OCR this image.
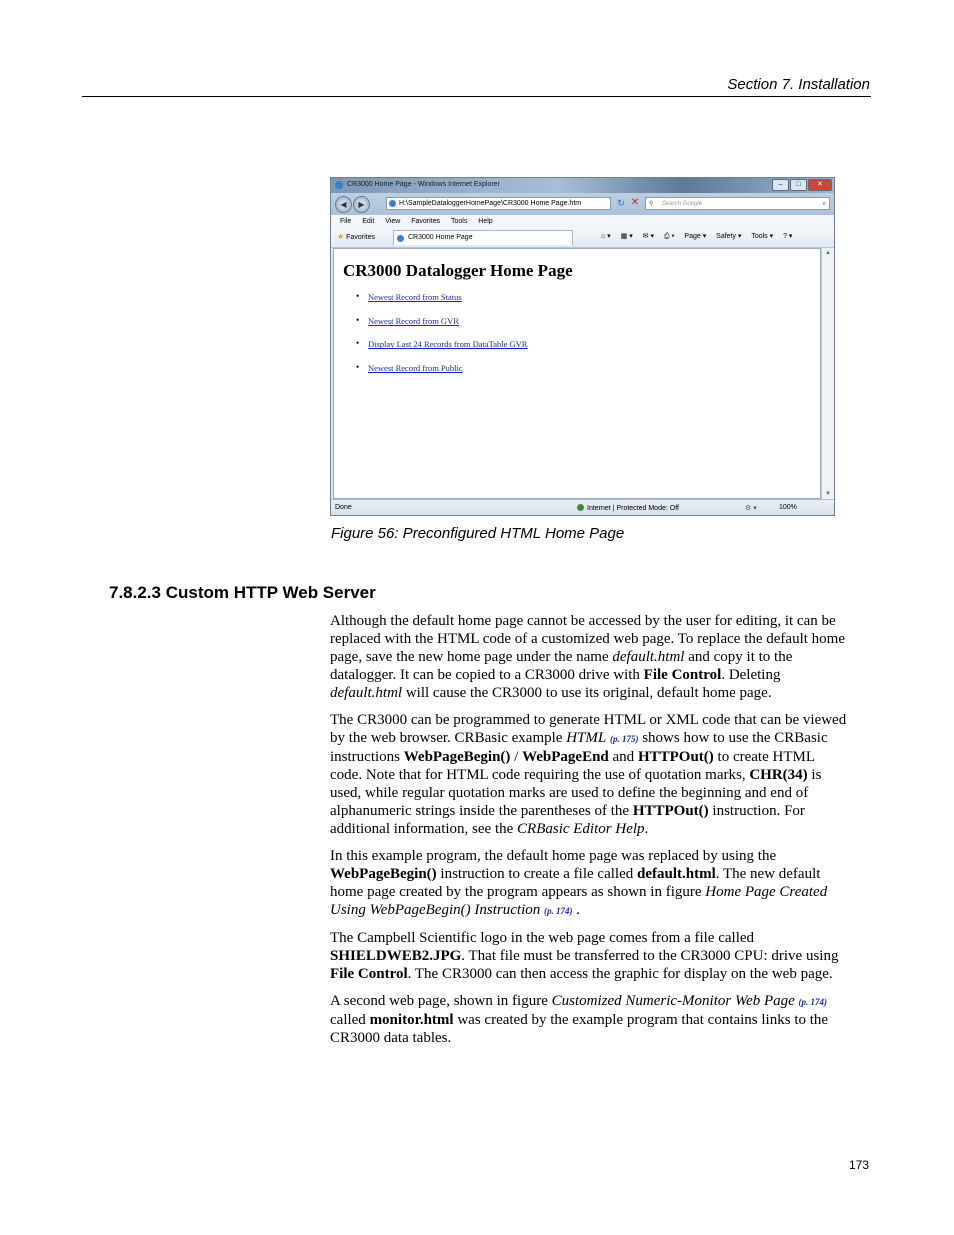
Section 7. Installation
CR3000 Home Page - Windows Internet Explorer	–	□	✕
◀	▶	H:\SampleDataloggerHomePage\CR3000 Home Page.htm	↻ ✕	⚲ Search Google	⌕
File Edit View Favorites Tools Help
★ Favorites	CR3000 Home Page	⌂ ▾ ▦ ▾ ✉ ▾ ⎙ ▾ Page ▾ Safety ▾ Tools ▾ ? ▾
CR3000 Datalogger Home Page
• Newest Record from Status
• Newest Record from GVR
• Display Last 24 Records from DataTable GVR
• Newest Record from Public
▲
▼
Done	Internet | Protected Mode: Off	⚙ ▾	100%
Figure 56: Preconfigured HTML Home Page
7.8.2.3 Custom HTTP Web Server

Although the default home page cannot be accessed by the user for editing, it can be replaced with the HTML code of a customized web page. To replace the default home page, save the new home page under the name default.html and copy it to the datalogger. It can be copied to a CR3000 drive with File Control. Deleting default.html will cause the CR3000 to use its original, default home page.

The CR3000 can be programmed to generate HTML or XML code that can be viewed by the web browser. CRBasic example HTML (p. 175) shows how to use the CRBasic instructions WebPageBegin() / WebPageEnd and HTTPOut() to create HTML code. Note that for HTML code requiring the use of quotation marks, CHR(34) is used, while regular quotation marks are used to define the beginning and end of alphanumeric strings inside the parentheses of the HTTPOut() instruction. For additional information, see the CRBasic Editor Help.

In this example program, the default home page was replaced by using the WebPageBegin() instruction to create a file called default.html. The new default home page created by the program appears as shown in figure Home Page Created Using WebPageBegin() Instruction (p. 174) .

The Campbell Scientific logo in the web page comes from a file called SHIELDWEB2.JPG. That file must be transferred to the CR3000 CPU: drive using File Control. The CR3000 can then access the graphic for display on the web page.

A second web page, shown in figure Customized Numeric-Monitor Web Page (p. 174) called monitor.html was created by the example program that contains links to the CR3000 data tables.

173
